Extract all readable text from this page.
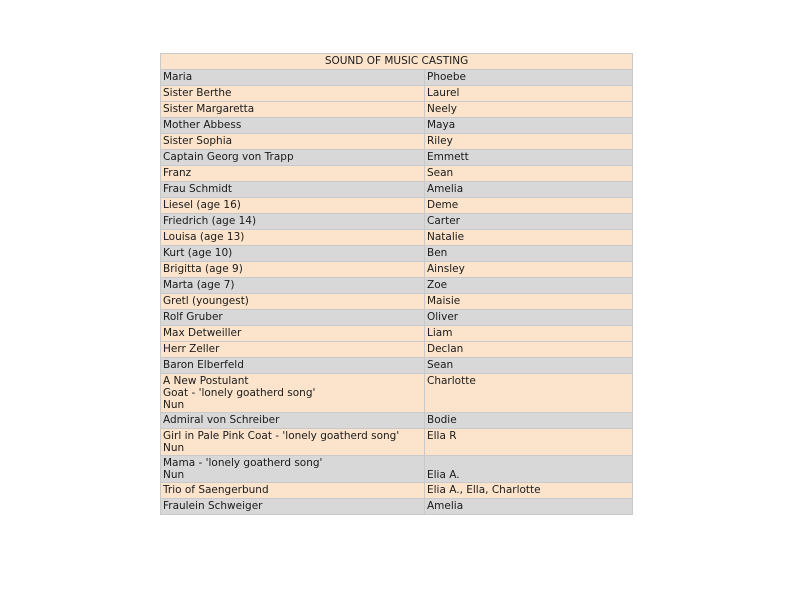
SOUND OF MUSIC CASTING	
Maria	Phoebe
Sister Berthe	Laurel
Sister Margaretta	Neely
Mother Abbess	Maya
Sister Sophia	Riley
Captain Georg von Trapp	Emmett
Franz	Sean
Frau Schmidt	Amelia
Liesel (age 16)	Deme
Friedrich (age 14)	Carter
Louisa (age 13)	Natalie
Kurt (age 10)	Ben
Brigitta (age 9)	Ainsley
Marta (age 7)	Zoe
Gretl (youngest)	Maisie
Rolf Gruber	Oliver
Max Detweiller	Liam
Herr Zeller	Declan
Baron Elberfeld	Sean

A New Postulant
Goat - 'lonely goatherd song'
Nun	Charlotte
Admiral von Schreiber	Bodie

Girl in Pale Pink Coat - 'lonely goatherd song'
Nun	Ella R

Mama - 'lonely goatherd song'
Nun	Elia A.
Trio of Saengerbund	Elia A., Ella, Charlotte
Fraulein Schweiger	Amelia
